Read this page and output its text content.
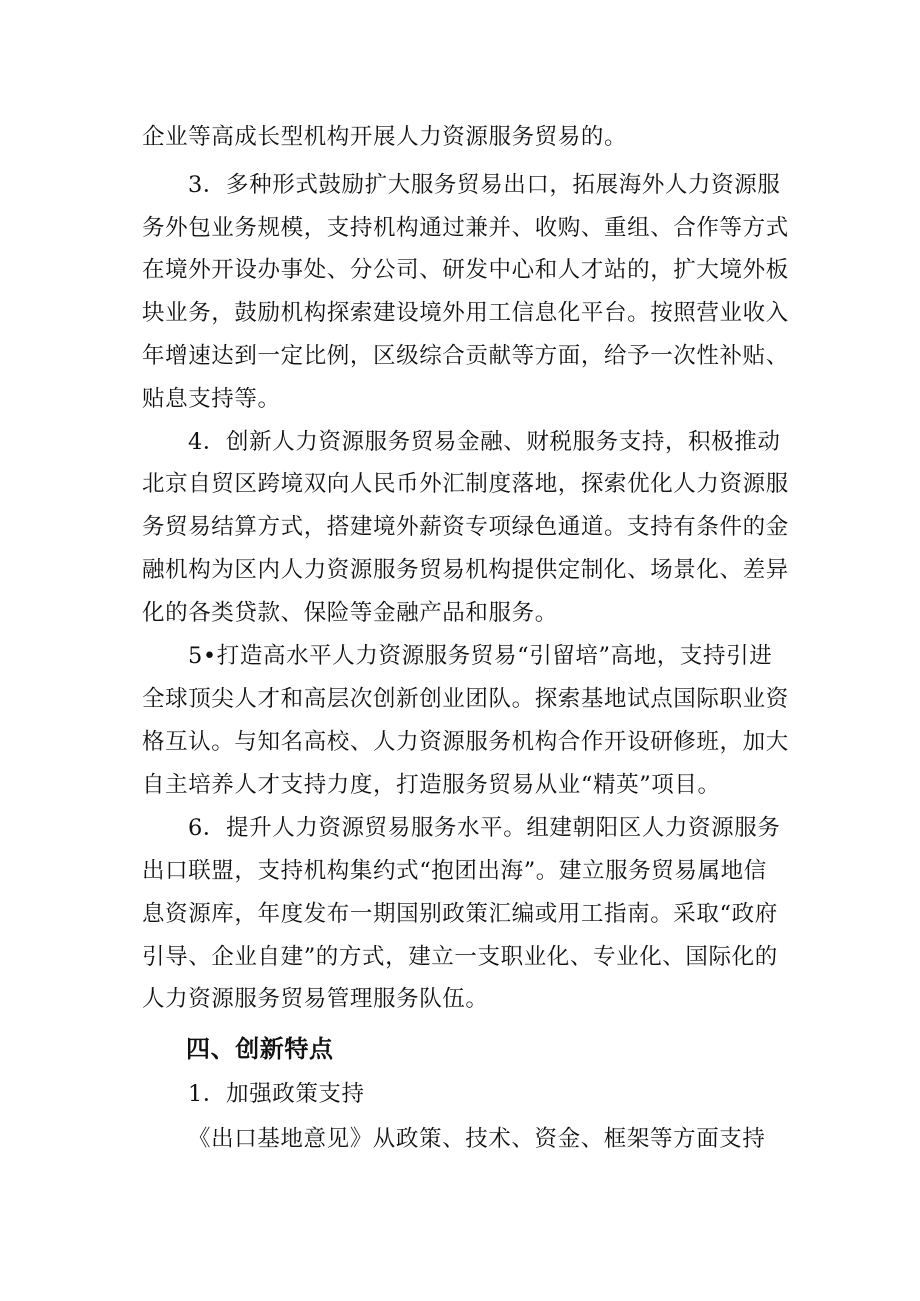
企业等高成长型机构开展人力资源服务贸易的。
3．多种形式鼓励扩大服务贸易出口，拓展海外人力资源服
务外包业务规模，支持机构通过兼并、收购、重组、合作等方式
在境外开设办事处、分公司、研发中心和人才站的，扩大境外板
块业务，鼓励机构探索建设境外用工信息化平台。按照营业收入
年增速达到一定比例，区级综合贡献等方面，给予一次性补贴、
贴息支持等。
4．创新人力资源服务贸易金融、财税服务支持，积极推动
北京自贸区跨境双向人民币外汇制度落地，探索优化人力资源服
务贸易结算方式，搭建境外薪资专项绿色通道。支持有条件的金
融机构为区内人力资源服务贸易机构提供定制化、场景化、差异
化的各类贷款、保险等金融产品和服务。
5•打造高水平人力资源服务贸易“引留培”高地，支持引进
全球顶尖人才和高层次创新创业团队。探索基地试点国际职业资
格互认。与知名高校、人力资源服务机构合作开设研修班，加大
自主培养人才支持力度，打造服务贸易从业“精英”项目。
6．提升人力资源贸易服务水平。组建朝阳区人力资源服务
出口联盟，支持机构集约式“抱团出海”。建立服务贸易属地信
息资源库，年度发布一期国别政策汇编或用工指南。采取“政府
引导、企业自建”的方式，建立一支职业化、专业化、国际化的
人力资源服务贸易管理服务队伍。
四、创新特点
1．加强政策支持
《出口基地意见》从政策、技术、资金、框架等方面支持
